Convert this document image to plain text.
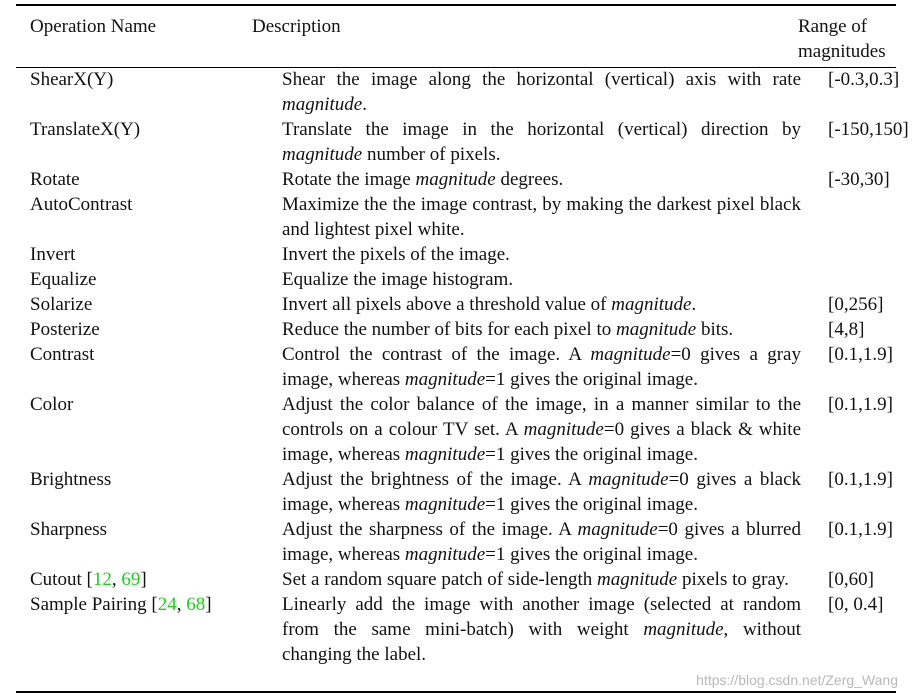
Operation Name	Description	Range of
magnitudes
ShearX(Y)	Shear the image along the horizontal (vertical) axis with rate magnitude.	[-0.3,0.3]
TranslateX(Y)	Translate the image in the horizontal (vertical) direction by magnitude number of pixels.	[-150,150]
Rotate	Rotate the image magnitude degrees.	[-30,30]
AutoContrast	Maximize the the image contrast, by making the darkest pixel black and lightest pixel white.	
Invert	Invert the pixels of the image.	
Equalize	Equalize the image histogram.	
Solarize	Invert all pixels above a threshold value of magnitude.	[0,256]
Posterize	Reduce the number of bits for each pixel to magnitude bits.	[4,8]
Contrast	Control the contrast of the image. A magnitude=0 gives a gray image, whereas magnitude=1 gives the original image.	[0.1,1.9]
Color	Adjust the color balance of the image, in a manner similar to the controls on a colour TV set. A magnitude=0 gives a black & white image, whereas magnitude=1 gives the original image.	[0.1,1.9]
Brightness	Adjust the brightness of the image. A magnitude=0 gives a black image, whereas magnitude=1 gives the original image.	[0.1,1.9]
Sharpness	Adjust the sharpness of the image. A magnitude=0 gives a blurred image, whereas magnitude=1 gives the original image.	[0.1,1.9]
Cutout [12, 69]	Set a random square patch of side-length magnitude pixels to gray.	[0,60]
Sample Pairing [24, 68]	Linearly add the image with another image (selected at random from the same mini-batch) with weight magnitude, without changing the label.	[0, 0.4]
https://blog.csdn.net/Zerg_Wang
